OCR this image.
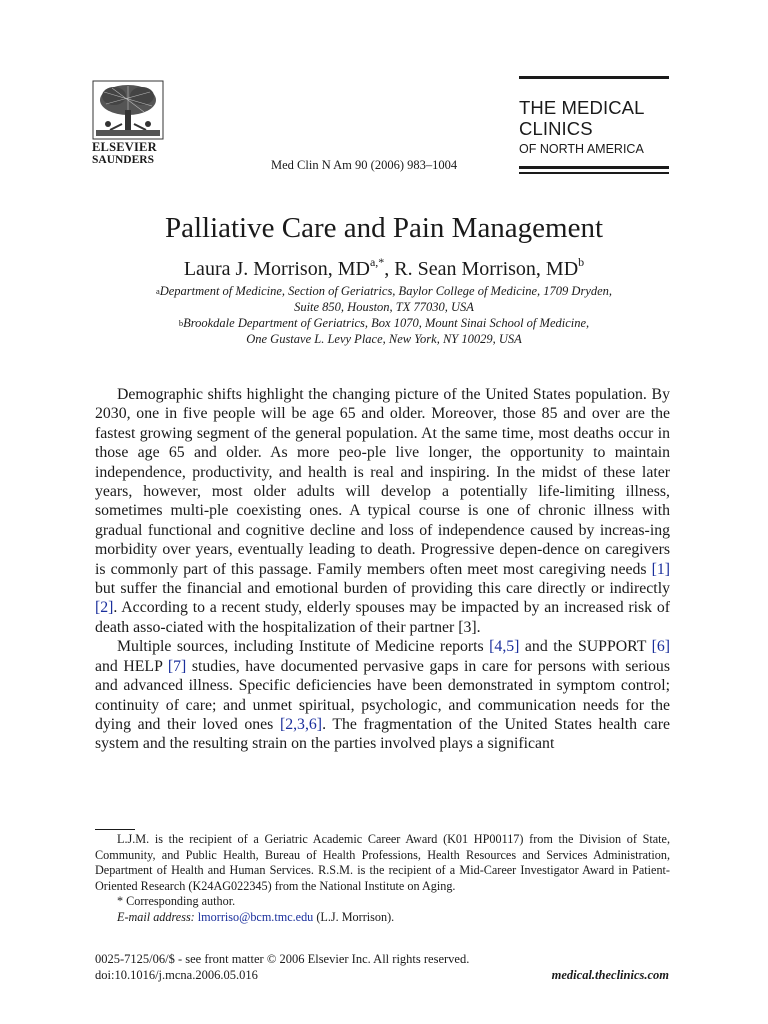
ELSEVIER
SAUNDERS
THE MEDICAL
CLINICS
OF NORTH AMERICA
Med Clin N Am 90 (2006) 983–1004
Palliative Care and Pain Management
Laura J. Morrison, $MD^{a,*}$, R. Sean Morrison, $MD^b$
$^a$Department of Medicine, Section of Geriatrics, Baylor College of Medicine, 1709 Dryden,
Suite 850, Houston, TX 77030, USA
$^b$Brookdale Department of Geriatrics, Box 1070, Mount Sinai School of Medicine,
One Gustave L. Levy Place, New York, NY 10029, USA

Demographic shifts highlight the changing picture of the United States population. By 2030, one in five people will be age 65 and older. Moreover, those 85 and over are the fastest growing segment of the general population. At the same time, most deaths occur in those age 65 and older. As more peo-ple live longer, the opportunity to maintain independence, productivity, and health is real and inspiring. In the midst of these later years, however, most older adults will develop a potentially life-limiting illness, sometimes multi-ple coexisting ones. A typical course is one of chronic illness with gradual functional and cognitive decline and loss of independence caused by increas-ing morbidity over years, eventually leading to death. Progressive depen-dence on caregivers is commonly part of this passage. Family members often meet most caregiving needs [1] but suffer the financial and emotional burden of providing this care directly or indirectly [2]. According to a recent study, elderly spouses may be impacted by an increased risk of death asso-ciated with the hospitalization of their partner [3].

Multiple sources, including Institute of Medicine reports [4,5] and the SUPPORT [6] and HELP [7] studies, have documented pervasive gaps in care for persons with serious and advanced illness. Specific deficiencies have been demonstrated in symptom control; continuity of care; and unmet spiritual, psychologic, and communication needs for the dying and their loved ones [2,3,6]. The fragmentation of the United States health care system and the resulting strain on the parties involved plays a significant

L.J.M. is the recipient of a Geriatric Academic Career Award (K01 HP00117) from the Division of State, Community, and Public Health, Bureau of Health Professions, Health Resources and Services Administration, Department of Health and Human Services. R.S.M. is the recipient of a Mid-Career Investigator Award in Patient-Oriented Research (K24AG022345) from the National Institute on Aging.

* Corresponding author.

E-mail address: lmorriso@bcm.tmc.edu (L.J. Morrison).

0025-7125/06/$ - see front matter © 2006 Elsevier Inc. All rights reserved.
doi:10.1016/j.mcna.2006.05.016	medical.theclinics.com
